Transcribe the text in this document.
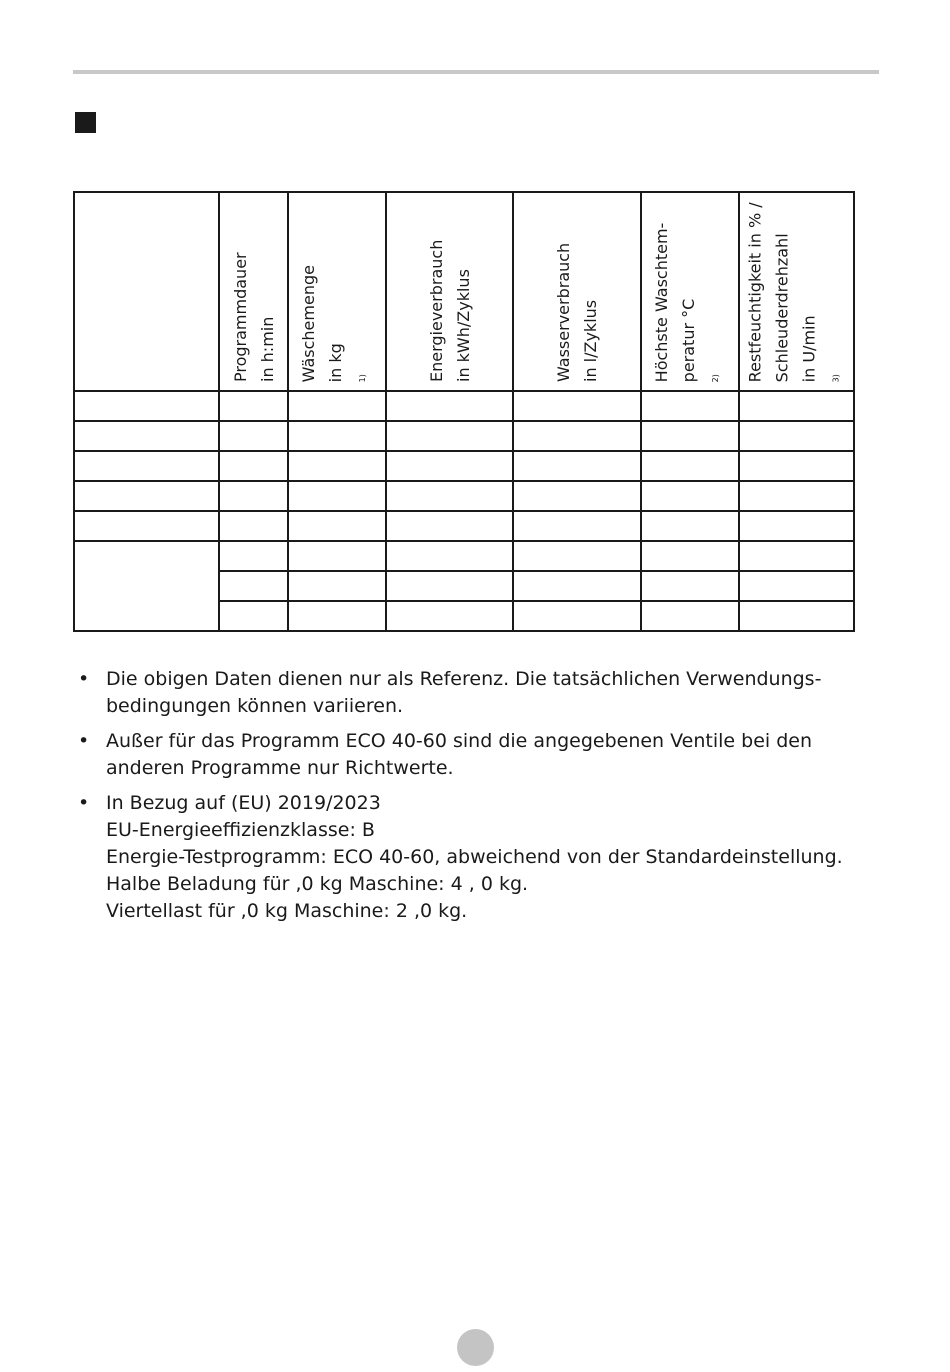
	Programmdauer in h:min	Wäschemenge in kg $^{1)}$	Energieverbrauch in kWh/Zyklus	Wasserverbrauch in l/Zyklus	Höchste Waschtem- peratur °C $^{2)}$	Restfeuchtigkeit in % / Schleuderdrehzahl in U/min $^{3)}$

• Die obigen Daten dienen nur als Referenz. Die tatsächlichen Verwendungs-
bedingungen können variieren.
• Außer für das Programm ECO 40-60 sind die angegebenen Ventile bei den
anderen Programme nur Richtwerte.
• In Bezug auf (EU) 2019/2023
EU-Energieeffizienzklasse: B
Energie-Testprogramm: ECO 40-60, abweichend von der Standardeinstellung.
Halbe Beladung für ,0 kg Maschine: 4 , 0 kg.
Viertellast für ,0 kg Maschine: 2 ,0 kg.
